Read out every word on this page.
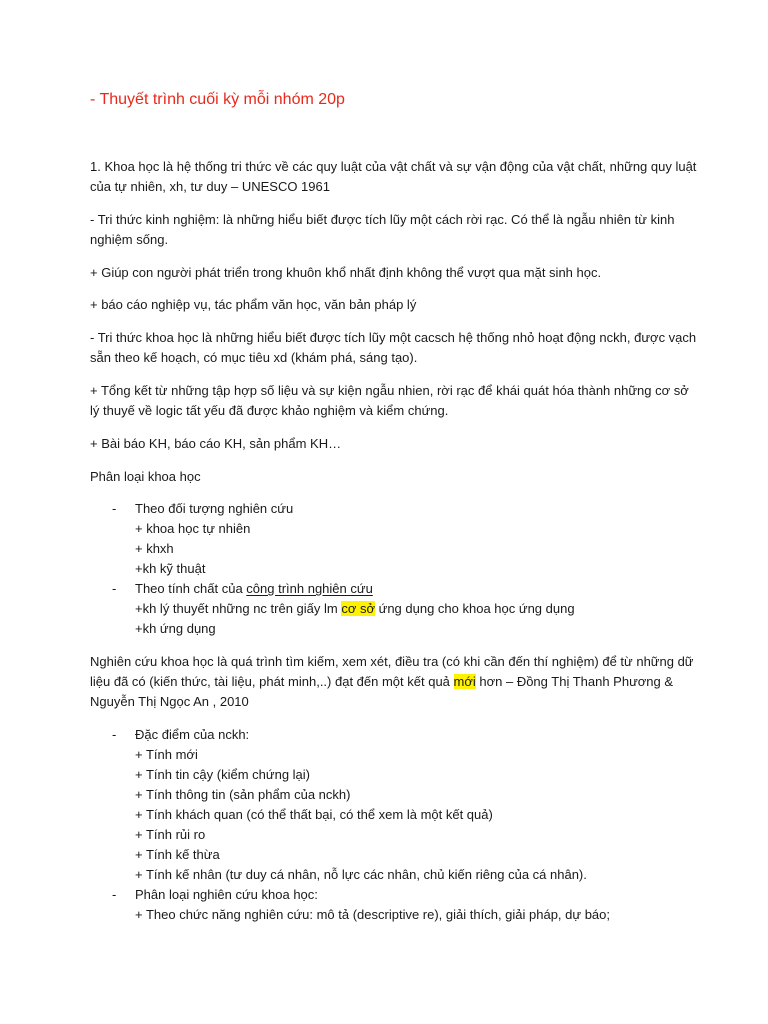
- Thuyết trình cuối kỳ mỗi nhóm 20p
1. Khoa học là hệ thống tri thức về các quy luật của vật chất và sự vận động của vật chất, những quy luật
của tự nhiên, xh, tư duy – UNESCO 1961
- Tri thức kinh nghiệm: là những hiểu biết được tích lũy một cách rời rạc. Có thể là ngẫu nhiên từ kinh
nghiệm sống.
+ Giúp con người phát triển trong khuôn khổ nhất định không thể vượt qua mặt sinh học.
+ báo cáo nghiệp vụ, tác phẩm văn học, văn bản pháp lý
- Tri thức khoa học là những hiểu biết được tích lũy một cacsch hệ thống nhỏ hoạt động nckh, được vạch
sẵn theo kế hoạch, có mục tiêu xd (khám phá, sáng tạo).
+ Tổng kết từ những tập hợp số liệu và sự kiện ngẫu nhien, rời rạc để khái quát hóa thành những cơ sở
lý thuyế về logic tất yếu đã được khảo nghiệm và kiểm chứng.
+ Bài báo KH, báo cáo KH, sản phẩm KH…
Phân loại khoa học
- Theo đối tượng nghiên cứu
+ khoa học tự nhiên
+ khxh
+kh kỹ thuật
- Theo tính chất của công trình nghiên cứu
+kh lý thuyết những nc trên giấy lm cơ sở ứng dụng cho khoa học ứng dụng
+kh ứng dụng
Nghiên cứu khoa học là quá trình tìm kiếm, xem xét, điều tra (có khi cần đến thí nghiệm) để từ những dữ
liệu đã có (kiến thức, tài liệu, phát minh,..) đạt đến một kết quả mới hơn – Đồng Thị Thanh Phương &
Nguyễn Thị Ngọc An , 2010
- Đặc điểm của nckh:
+ Tính mới
+ Tính tin cậy (kiểm chứng lại)
+ Tính thông tin (sản phẩm của nckh)
+ Tính khách quan (có thể thất bại, có thể xem là một kết quả)
+ Tính rủi ro
+ Tính kế thừa
+ Tính kế nhân (tư duy cá nhân, nỗ lực các nhân, chủ kiến riêng của cá nhân).
- Phân loại nghiên cứu khoa học:
+ Theo chức năng nghiên cứu: mô tả (descriptive re), giải thích, giải pháp, dự báo;
